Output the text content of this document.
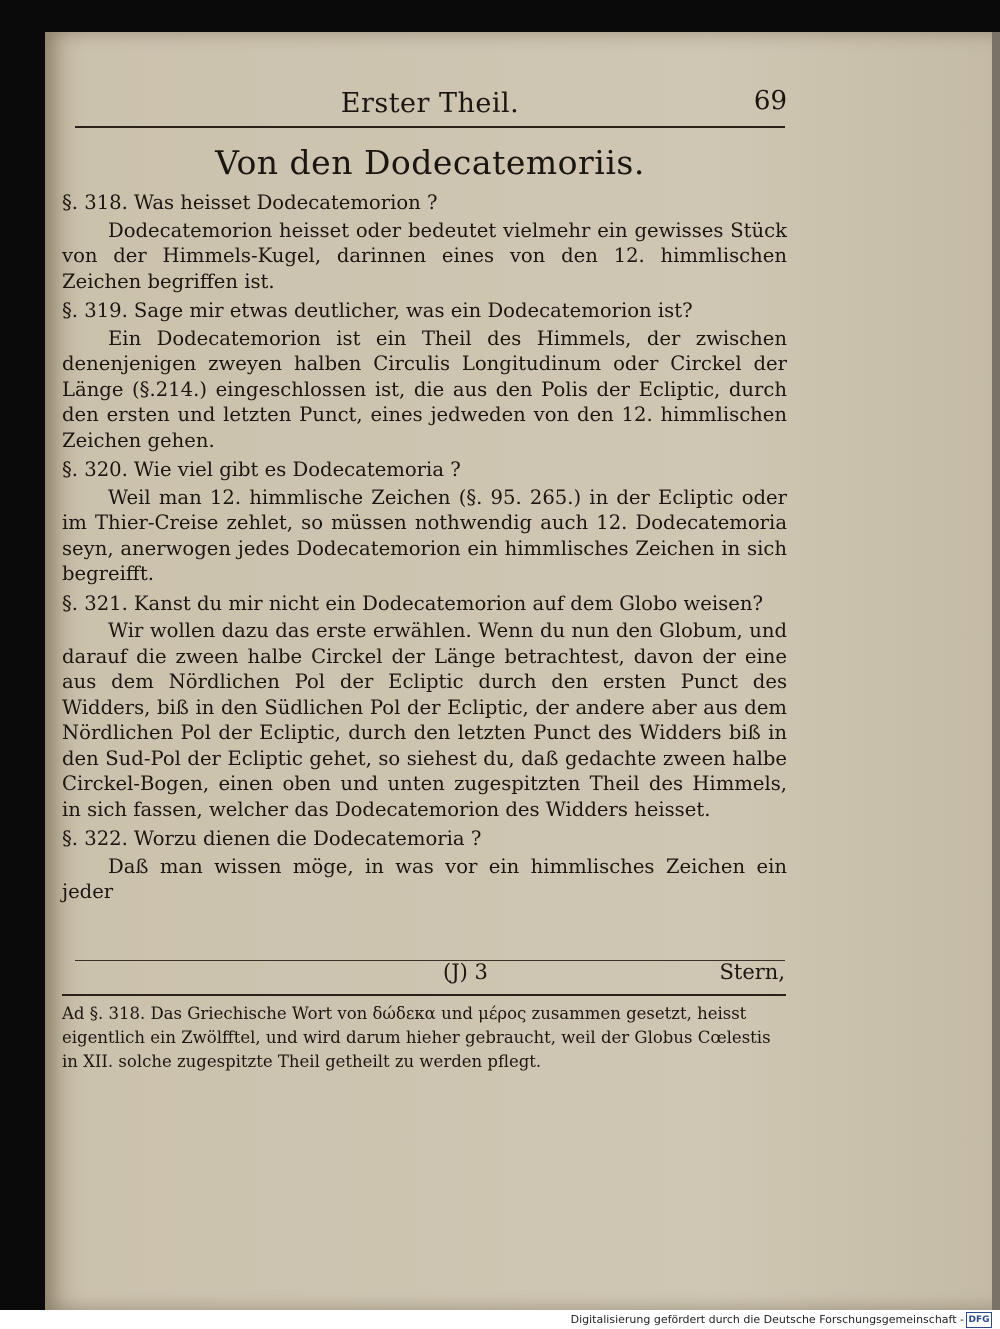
Erster Theil.	69
Von den Dodecatemoriis.

§. 318. Was heisset Dodecatemorion ?

Dodecatemorion heisset oder bedeutet vielmehr ein gewisses Stück von der Himmels-Kugel, darinnen eines von den 12. himmlischen Zeichen begriffen ist.

§. 319. Sage mir etwas deutlicher, was ein Dodecatemorion ist?

Ein Dodecatemorion ist ein Theil des Himmels, der zwischen denenjenigen zweyen halben Circulis Longitudinum oder Circkel der Länge (§.214.) eingeschlossen ist, die aus den Polis der Ecliptic, durch den ersten und letzten Punct, eines jedweden von den 12. himmlischen Zeichen gehen.

§. 320. Wie viel gibt es Dodecatemoria ?

Weil man 12. himmlische Zeichen (§. 95. 265.) in der Ecliptic oder im Thier-Creise zehlet, so müssen nothwendig auch 12. Dodecatemoria seyn, anerwogen jedes Dodecatemorion ein himmlisches Zeichen in sich begreifft.

§. 321. Kanst du mir nicht ein Dodecatemorion auf dem Globo weisen?

Wir wollen dazu das erste erwählen. Wenn du nun den Globum, und darauf die zween halbe Circkel der Länge betrachtest, davon der eine aus dem Nördlichen Pol der Ecliptic durch den ersten Punct des Widders, biß in den Südlichen Pol der Ecliptic, der andere aber aus dem Nördlichen Pol der Ecliptic, durch den letzten Punct des Widders biß in den Sud-Pol der Ecliptic gehet, so siehest du, daß gedachte zween halbe Circkel-Bogen, einen oben und unten zugespitzten Theil des Himmels, in sich fassen, welcher das Dodecatemorion des Widders heisset.

§. 322. Worzu dienen die Dodecatemoria ?

Daß man wissen möge, in was vor ein himmlisches Zeichen ein jeder

(J) 3	Stern,
Ad §. 318. Das Griechische Wort von δώδεκα und μέρος zusammen gesetzt, heisst eigentlich ein Zwölfftel, und wird darum hieher gebraucht, weil der Globus Cœlestis in XII. solche zugespitzte Theil getheilt zu werden pflegt.
Digitalisierung gefördert durch die Deutsche Forschungsgemeinschaft - DFG
